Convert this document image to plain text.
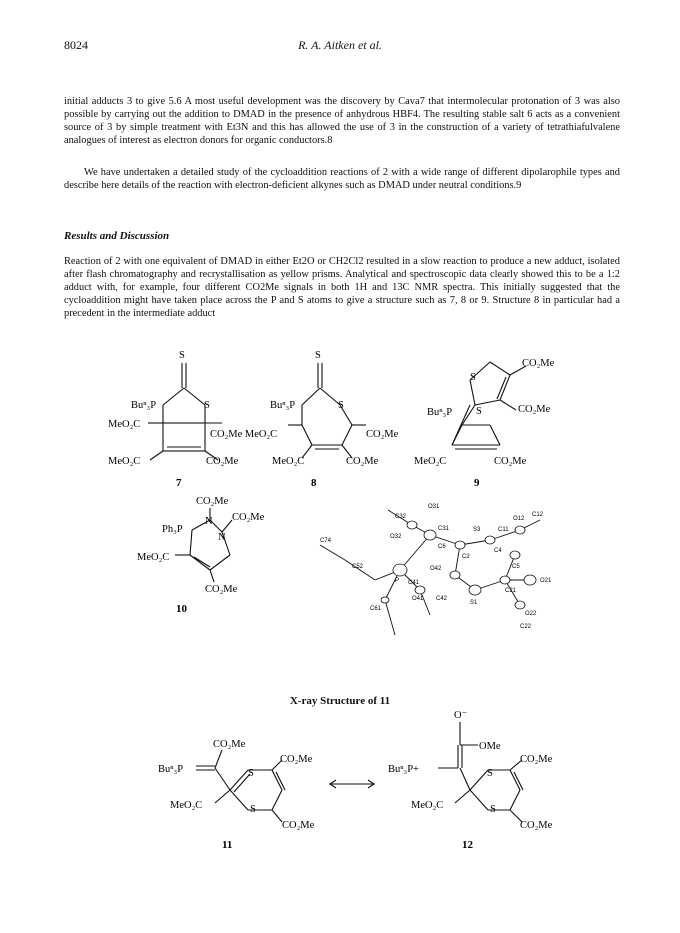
8024	R. A. Aitken et al.
initial adducts 3 to give 5.6 A most useful development was the discovery by Cava7 that intermolecular protonation of 3 was also possible by carrying out the addition to DMAD in the presence of anhydrous HBF4. The resulting stable salt 6 acts as a convenient source of 3 by simple treatment with Et3N and this has allowed the use of 3 in the construction of a variety of tetrathiafulvalene analogues of interest as electron donors for organic conductors.8
We have undertaken a detailed study of the cycloaddition reactions of 2 with a wide range of different dipolarophile types and describe here details of the reaction with electron-deficient alkynes such as DMAD under neutral conditions.9
Results and Discussion
Reaction of 2 with one equivalent of DMAD in either Et2O or CH2Cl2 resulted in a slow reaction to produce a new adduct, isolated after flash chromatography and recrystallisation as yellow prisms. Analytical and spectroscopic data clearly showed this to be a 1:2 adduct with, for example, four different CO2Me signals in both 1H and 13C NMR spectra. This initially suggested that the cycloaddition might have taken place across the P and S atoms to give a structure such as 7, 8 or 9. Structure 8 in particular had a precedent in the intermediate adduct
S
Buⁿ₃P	S
MeO₂C
CO₂Me MeO₂C
MeO₂C	CO₂Me
7
S
Buⁿ₃P	S
CO₂Me
MeO₂C	CO₂Me
8
CO₂Me
S
CO₂Me
Buⁿ₃P S
MeO₂C	CO₂Me
9
CO₂Me
N CO₂Me
N
Ph₃P
MeO₂C
CO₂Me
10
O31
C32
O32
C31	S3	C11
O12
C12
C6
C4
C74
C2
C52	C5
O42
C21
O21
S1
C41
P
O41 C42
O22
C22
C61
CO₂Me
Buⁿ₃P	S
CO₂Me
MeO₂C	S
CO₂Me
11
O⁻
OMe
Buⁿ₃P+	S
CO₂Me
MeO₂C	S
CO₂Me
12
X-ray Structure of 11
